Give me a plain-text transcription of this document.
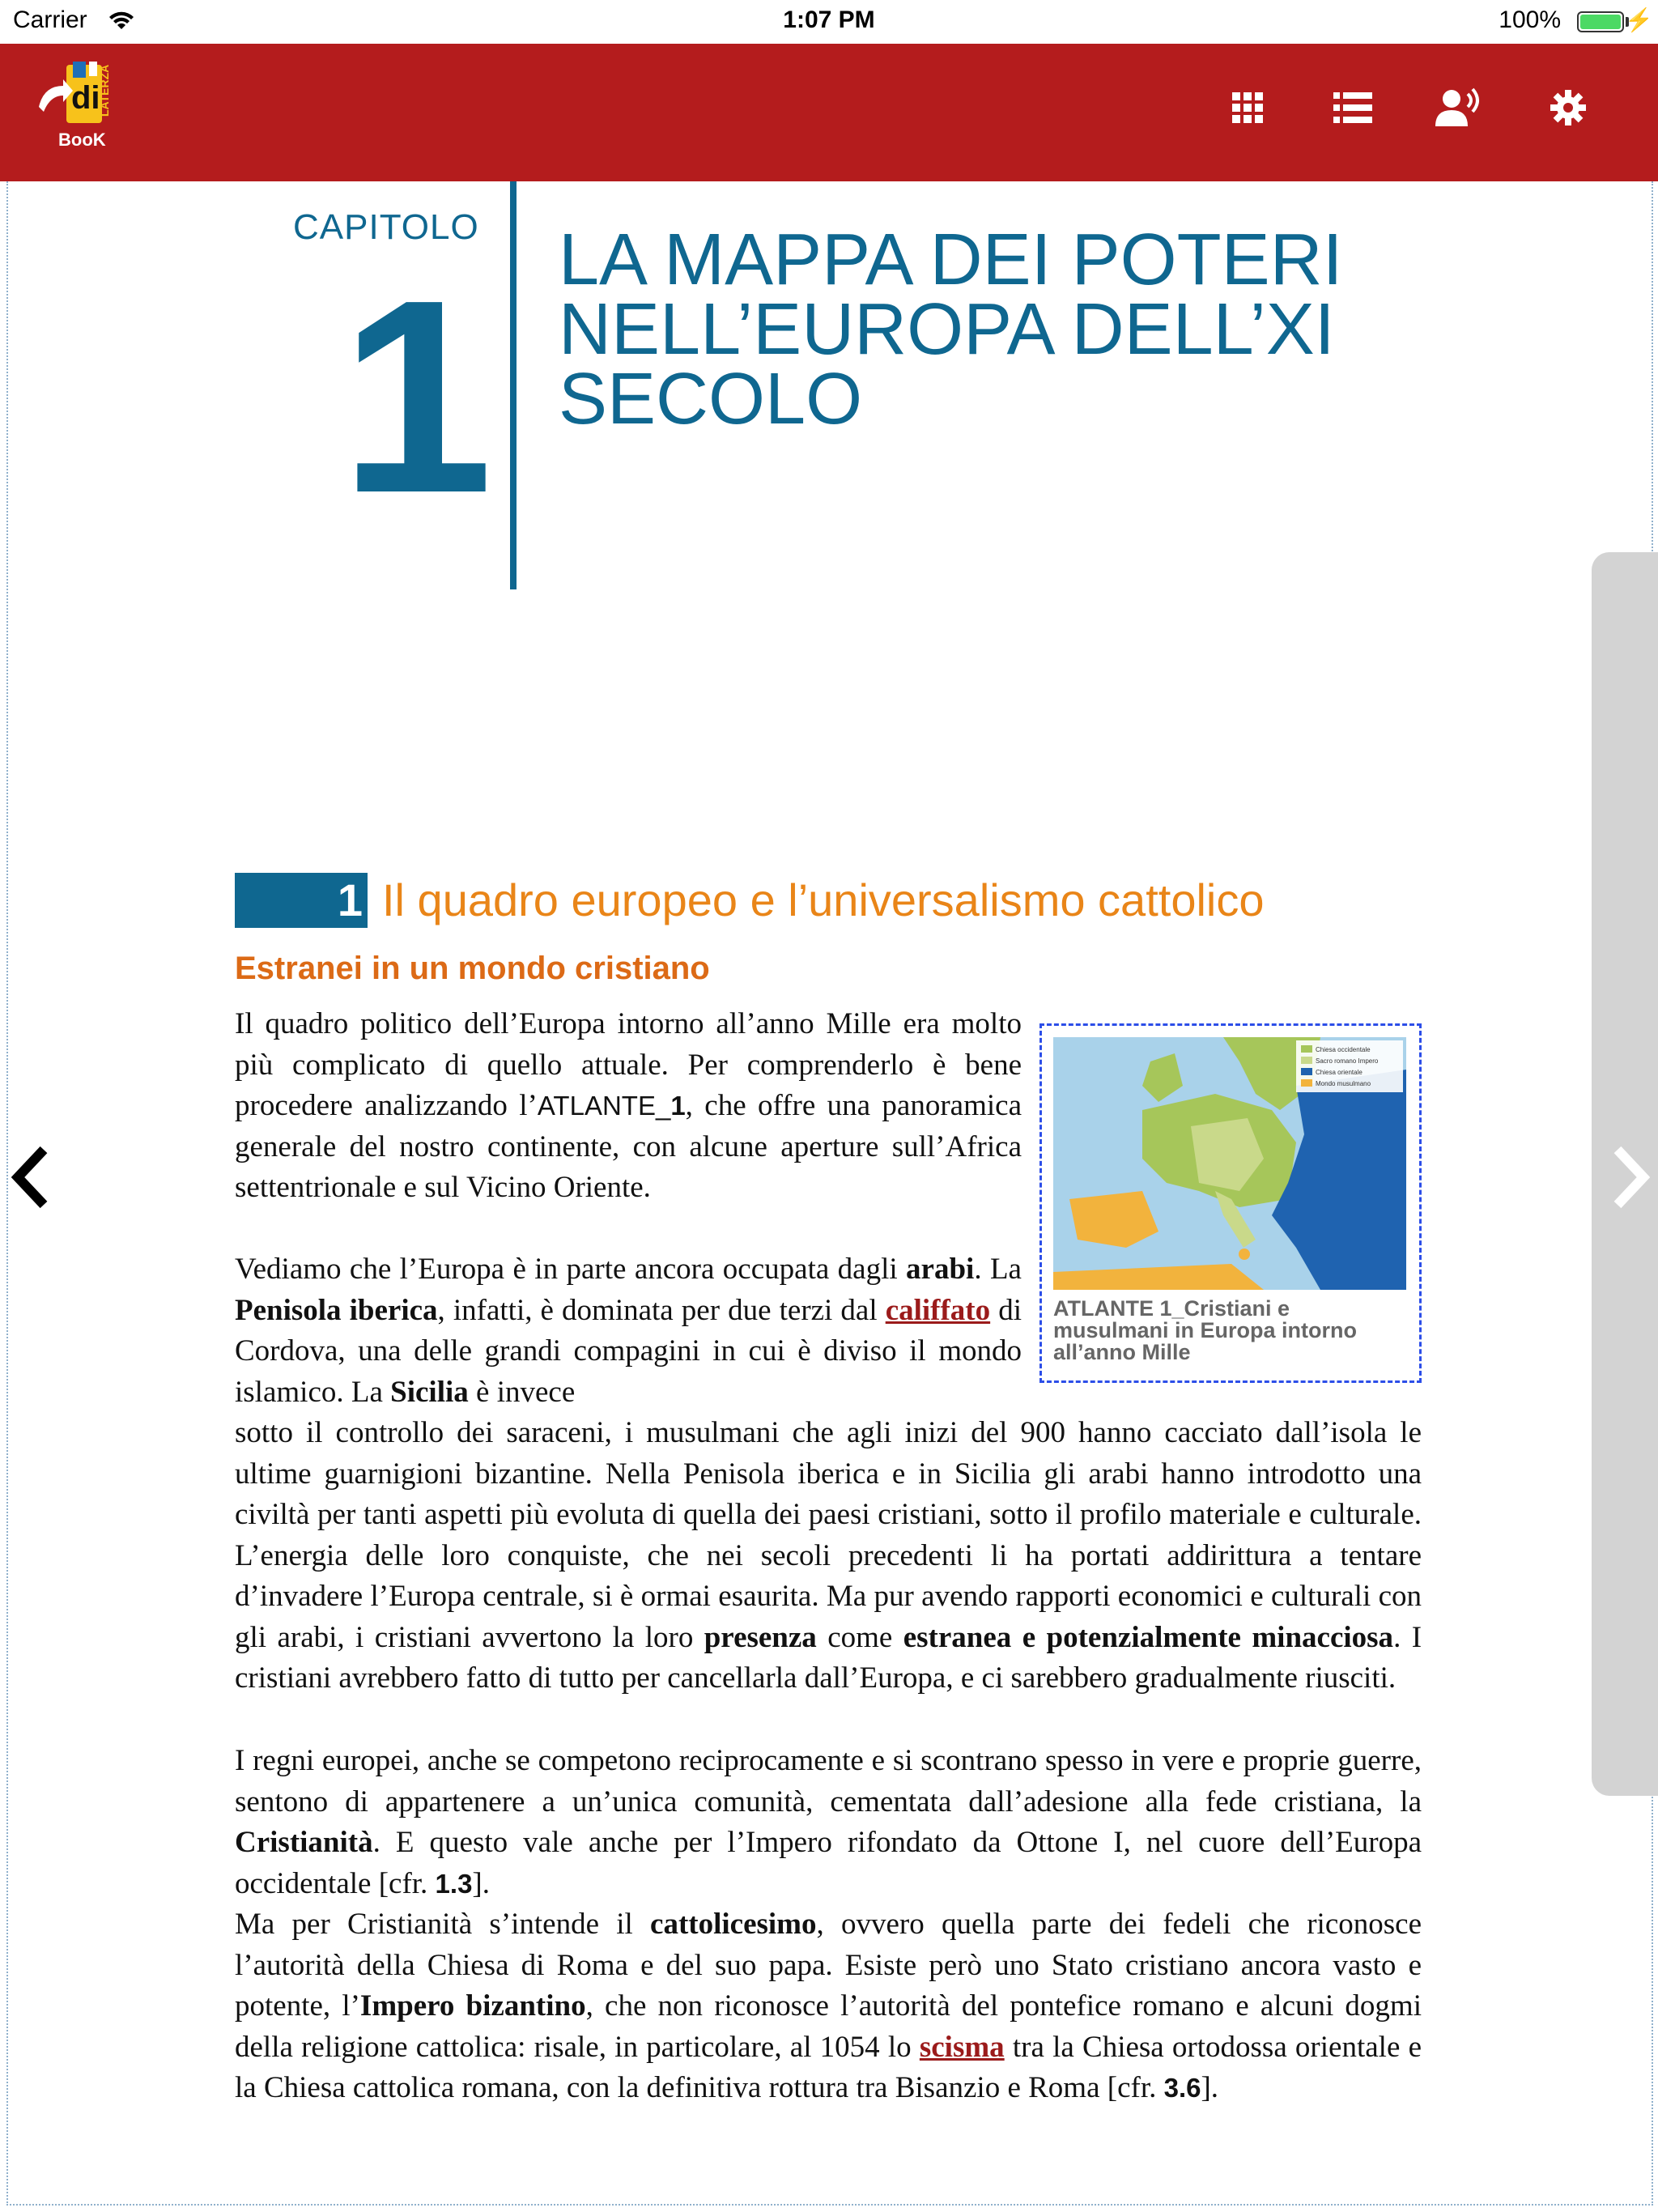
Carrier	1:07 PM	100%	⚡
di
LATERZA
BooK
CAPITOLO
1 LA MAPPA DEI POTERI NELL’EUROPA DELL’XI SECOLO
1 Il quadro europeo e l’universalismo cattolico
Estranei in un mondo cristiano

Il quadro politico dell’Europa intorno all’anno Mille era molto più complicato di quello attuale. Per comprenderlo è bene procedere analizzando l’ATLANTE_1, che offre una panoramica generale del nostro continente, con alcune aperture sull’Africa settentrionale e sul Vicino Oriente.

Vediamo che l’Europa è in parte ancora occupata dagli arabi. La Penisola iberica, infatti, è dominata per due terzi dal califfato di Cordova, una delle grandi compagini in cui è diviso il mondo islamico. La Sicilia è invece

sotto il controllo dei saraceni, i musulmani che agli inizi del 900 hanno cacciato dall’isola le ultime guarnigioni bizantine. Nella Penisola iberica e in Sicilia gli arabi hanno introdotto una civiltà per tanti aspetti più evoluta di quella dei paesi cristiani, sotto il profilo materiale e culturale. L’energia delle loro conquiste, che nei secoli precedenti li ha portati addirittura a tentare d’invadere l’Europa centrale, si è ormai esaurita. Ma pur avendo rapporti economici e culturali con gli arabi, i cristiani avvertono la loro presenza come estranea e potenzialmente minacciosa. I cristiani avrebbero fatto di tutto per cancellarla dall’Europa, e ci sarebbero gradualmente riusciti.

I regni europei, anche se competono reciprocamente e si scontrano spesso in vere e proprie guerre, sentono di appartenere a un’unica comunità, cementata dall’adesione alla fede cristiana, la Cristianità. E questo vale anche per l’Impero rifondato da Ottone I, nel cuore dell’Europa occidentale [cfr. 1.3].

Ma per Cristianità s’intende il cattolicesimo, ovvero quella parte dei fedeli che riconosce l’autorità della Chiesa di Roma e del suo papa. Esiste però uno Stato cristiano ancora vasto e potente, l’Impero bizantino, che non riconosce l’autorità del pontefice romano e alcuni dogmi della religione cattolica: risale, in particolare, al 1054 lo scisma tra la Chiesa ortodossa orientale e la Chiesa cattolica romana, con la definitiva rottura tra Bisanzio e Roma [cfr. 3.6].

Chiesa occidentale
Sacro romano Impero
Chiesa orientale
Mondo musulmano
ATLANTE 1_Cristiani e musulmani in Europa intorno all’anno Mille
